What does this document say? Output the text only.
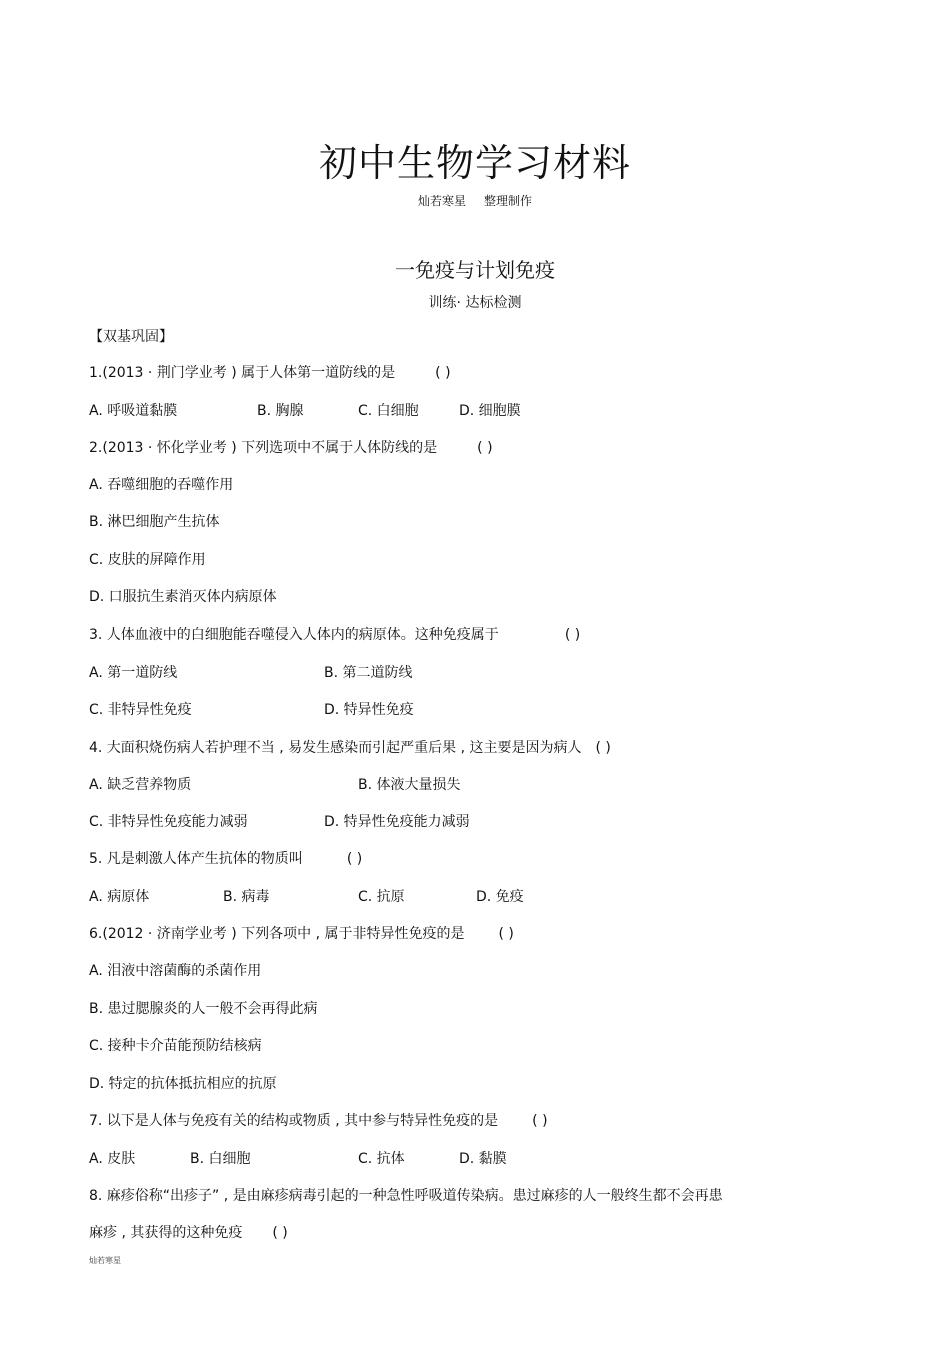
初中生物学习材料
灿若寒星 整理制作
一免疫与计划免疫
训练· 达标检测
【双基巩固】
1.(2013 · 荆门学业考 ) 属于人体第一道防线的是	( )
A. 呼吸道黏膜	B. 胸腺	C. 白细胞	D. 细胞膜
2.(2013 · 怀化学业考 ) 下列选项中不属于人体防线的是	( )
A. 吞噬细胞的吞噬作用
B. 淋巴细胞产生抗体
C. 皮肤的屏障作用
D. 口服抗生素消灭体内病原体
3. 人体血液中的白细胞能吞噬侵入人体内的病原体。这种免疫属于	( )
A. 第一道防线	B. 第二道防线
C. 非特异性免疫	D. 特异性免疫
4. 大面积烧伤病人若护理不当 , 易发生感染而引起严重后果 , 这主要是因为病人 ( )
A. 缺乏营养物质	B. 体液大量损失
C. 非特异性免疫能力减弱	D. 特异性免疫能力减弱
5. 凡是刺激人体产生抗体的物质叫	( )
A. 病原体	B. 病毒	C. 抗原	D. 免疫
6.(2012 · 济南学业考 ) 下列各项中 , 属于非特异性免疫的是 ( )
A. 泪液中溶菌酶的杀菌作用
B. 患过腮腺炎的人一般不会再得此病
C. 接种卡介苗能预防结核病
D. 特定的抗体抵抗相应的抗原
7. 以下是人体与免疫有关的结构或物质 , 其中参与特异性免疫的是 ( )
A. 皮肤	B. 白细胞	C. 抗体	D. 黏膜
8. 麻疹俗称“出疹子” , 是由麻疹病毒引起的一种急性呼吸道传染病。患过麻疹的人一般终生都不会再患
麻疹 , 其获得的这种免疫 ( )
灿若寒星
